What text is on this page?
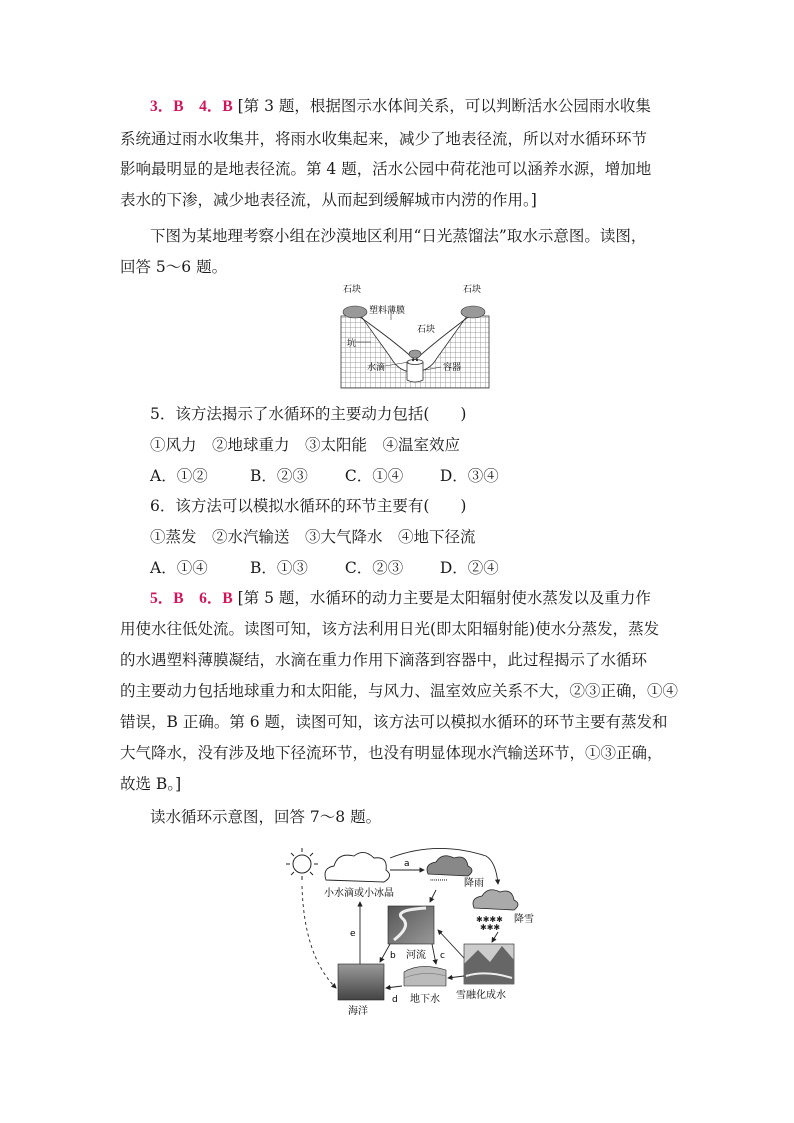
3．B　4．B [第 3 题，根据图示水体间关系，可以判断活水公园雨水收集
系统通过雨水收集井，将雨水收集起来，减少了地表径流，所以对水循环环节
影响最明显的是地表径流。第 4 题，活水公园中荷花池可以涵养水源，增加地
表水的下渗，减少地表径流，从而起到缓解城市内涝的作用。]
下图为某地理考察小组在沙漠地区利用“日光蒸馏法”取水示意图。读图，
回答 5～6 题。
石块	石块
塑料薄膜
石块
坑
水滴	容器
5．该方法揭示了水循环的主要动力包括(　　)
①风力　②地球重力　③太阳能　④温室效应
A．①②	B．②③ C．①④ D．③④
6．该方法可以模拟水循环的环节主要有(　　)
①蒸发　②水汽输送　③大气降水　④地下径流
A．①④	B．①③ C．②③ D．②④
5．B　6．B [第 5 题，水循环的动力主要是太阳辐射使水蒸发以及重力作
用使水往低处流。读图可知，该方法利用日光(即太阳辐射能)使水分蒸发，蒸发
的水遇塑料薄膜凝结，水滴在重力作用下滴落到容器中，此过程揭示了水循环
的主要动力包括地球重力和太阳能，与风力、温室效应关系不大，②③正确，①④
错误，B 正确。第 6 题，读图可知，该方法可以模拟水循环的环节主要有蒸发和
大气降水，没有涉及地下径流环节，也没有明显体现水汽输送环节，①③正确，
故选 B。]
读水循环示意图，回答 7～8 题。
小水滴或小冰晶
''''''''' 降雨
✱✱✱✱
✱✱✱
降雪
a
河流
e
海洋
b
地下水
c
d	雪融化成水
